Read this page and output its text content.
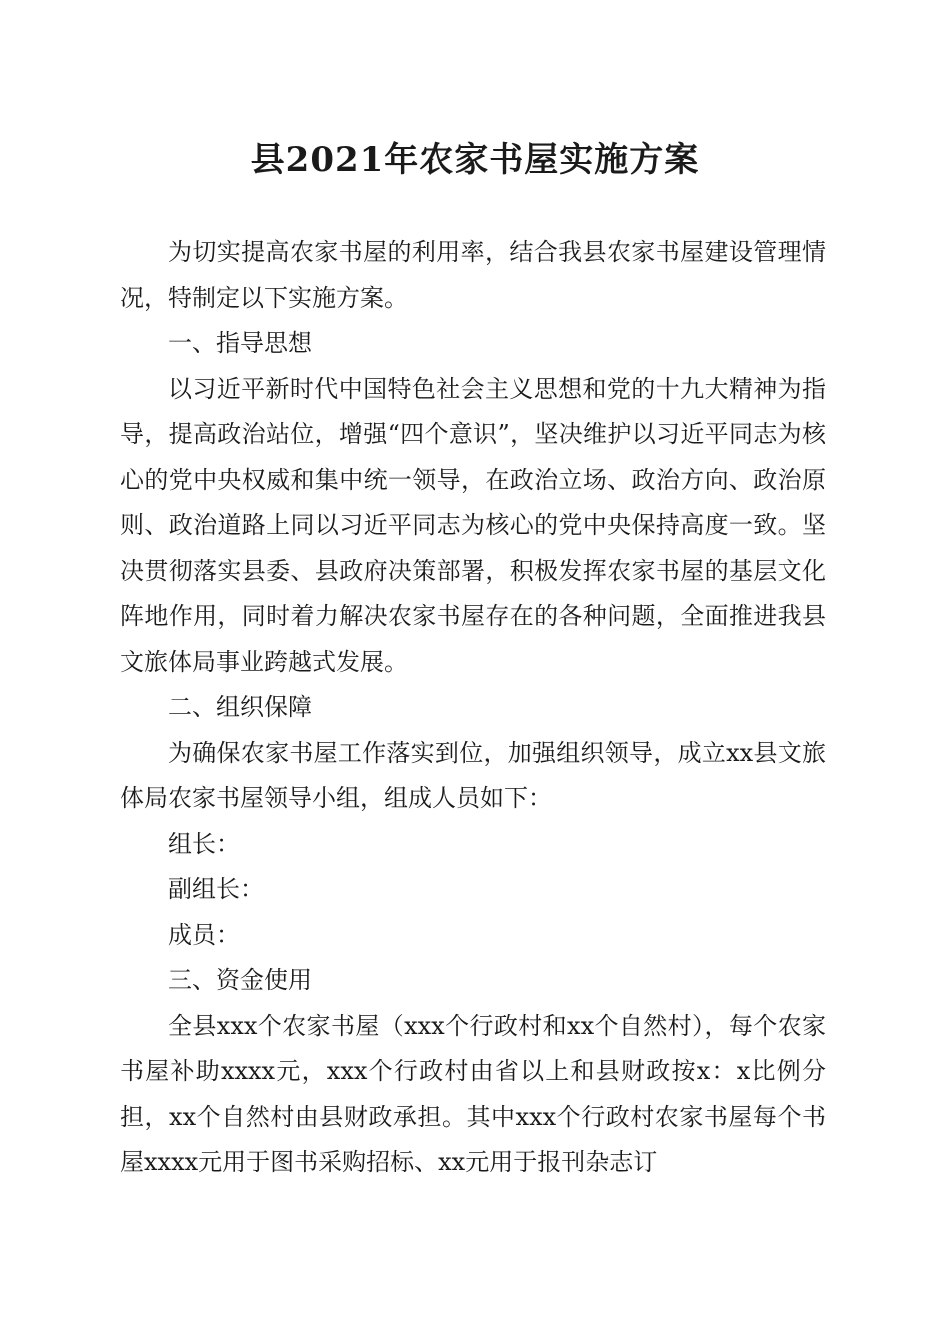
县2021年农家书屋实施方案

为切实提高农家书屋的利用率，结合我县农家书屋建设管理情况，特制定以下实施方案。

一、指导思想

以习近平新时代中国特色社会主义思想和党的十九大精神为指导，提高政治站位，增强“四个意识”，坚决维护以习近平同志为核心的党中央权威和集中统一领导，在政治立场、政治方向、政治原则、政治道路上同以习近平同志为核心的党中央保持高度一致。坚决贯彻落实县委、县政府决策部署，积极发挥农家书屋的基层文化阵地作用，同时着力解决农家书屋存在的各种问题，全面推进我县文旅体局事业跨越式发展。

二、组织保障

为确保农家书屋工作落实到位，加强组织领导，成立xx县文旅体局农家书屋领导小组，组成人员如下：

组长：

副组长：

成员：

三、资金使用

全县xxx个农家书屋（xxx个行政村和xx个自然村），每个农家书屋补助xxxx元，xxx个行政村由省以上和县财政按x：x比例分担，xx个自然村由县财政承担。其中xxx个行政村农家书屋每个书屋xxxx元用于图书采购招标、xx元用于报刊杂志订
